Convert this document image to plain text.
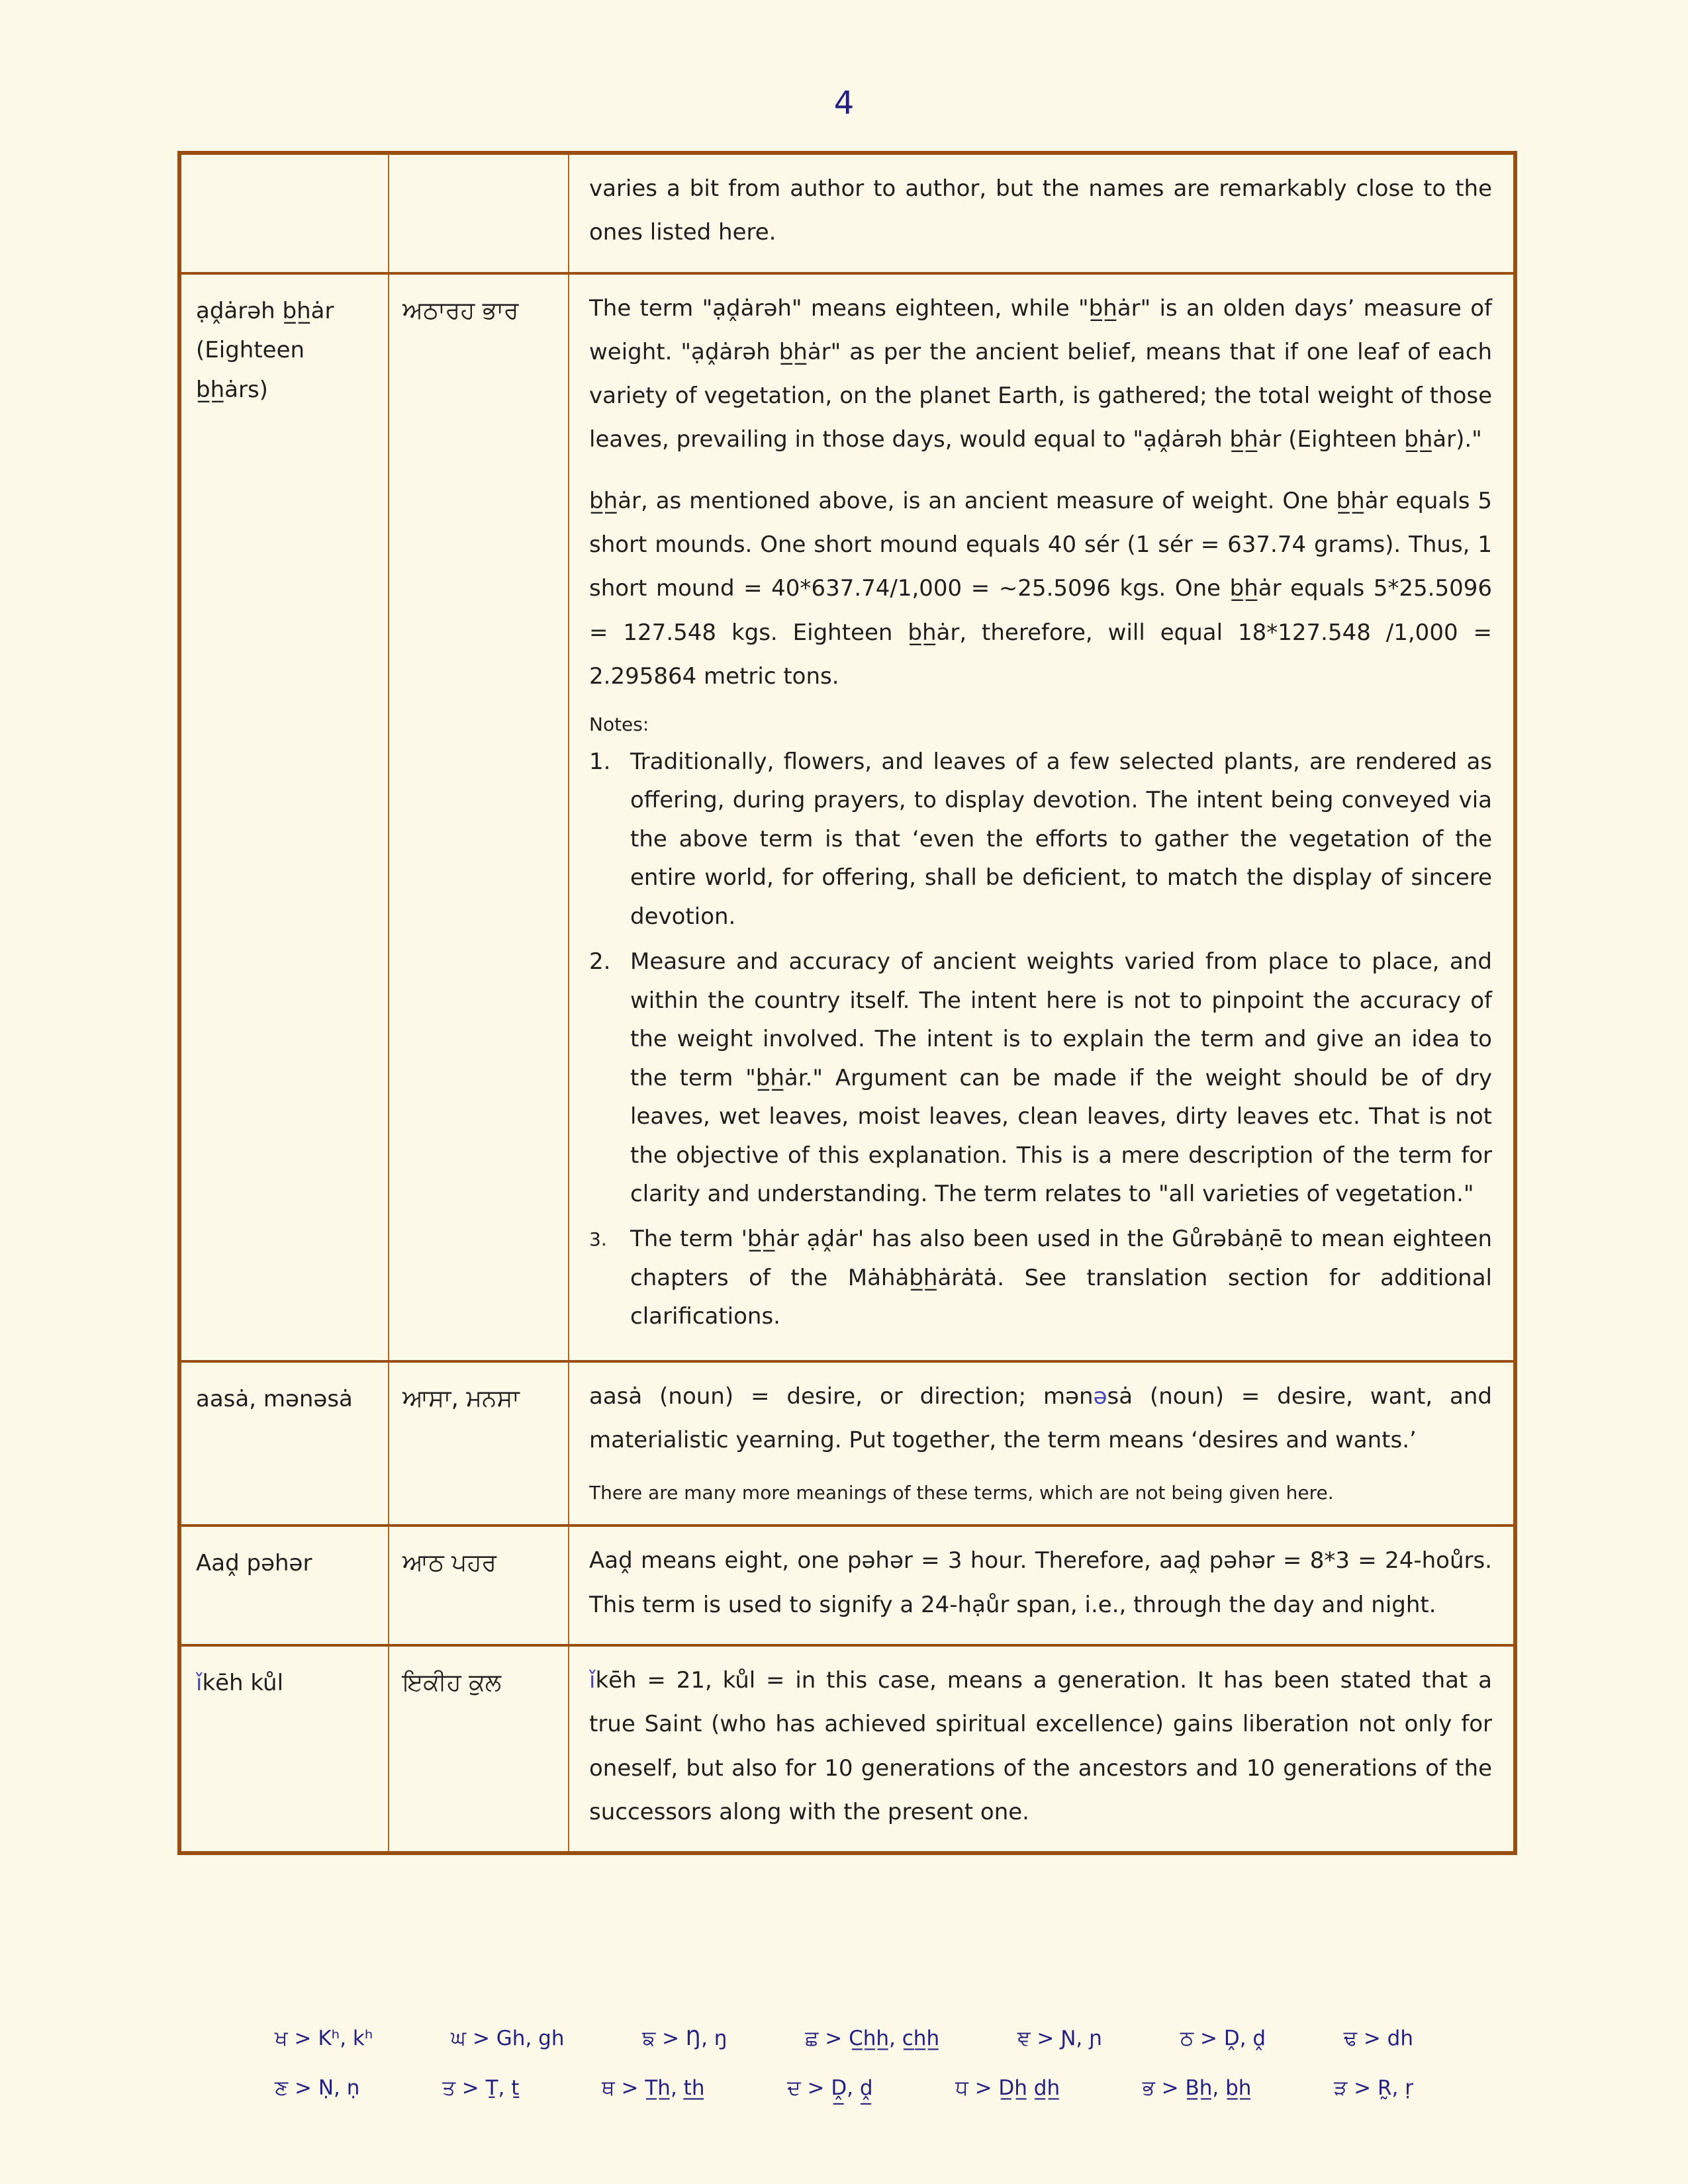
4

		varies a bit from author to author, but the names are remarkably close to the ones listed here.

ạḓȧrəh b̲h̲ȧr (Eighteen b̲h̲ȧrs)	ਅਠਾਰਹ ਭਾਰ	The term "ạḓȧrəh" means eighteen, while "b̲h̲ȧr" is an olden days’ measure of weight. "ạḓȧrəh b̲h̲ȧr" as per the ancient belief, means that if one leaf of each variety of vegetation, on the planet Earth, is gathered; the total weight of those leaves, prevailing in those days, would equal to "ạḓȧrəh b̲h̲ȧr (Eighteen b̲h̲ȧr)."

b̲h̲ȧr, as mentioned above, is an ancient measure of weight. One b̲h̲ȧr equals 5 short mounds. One short mound equals 40 sér (1 sér = 637.74 grams). Thus, 1 short mound = 40*637.74/1,000 = ~25.5096 kgs. One b̲h̲ȧr equals 5*25.5096 = 127.548 kgs. Eighteen b̲h̲ȧr, therefore, will equal 18*127.548 /1,000 = 2.295864 metric tons.

Notes:
1. Traditionally, flowers, and leaves of a few selected plants, are rendered as offering, during prayers, to display devotion. The intent being conveyed via the above term is that ‘even the efforts to gather the vegetation of the entire world, for offering, shall be deficient, to match the display of sincere devotion.
2. Measure and accuracy of ancient weights varied from place to place, and within the country itself. The intent here is not to pinpoint the accuracy of the weight involved. The intent is to explain the term and give an idea to the term "b̲h̲ȧr." Argument can be made if the weight should be of dry leaves, wet leaves, moist leaves, clean leaves, dirty leaves etc. That is not the objective of this explanation. This is a mere description of the term for clarity and understanding. The term relates to "all varieties of vegetation."
3.	The term 'b̲h̲ȧr ạḓȧr' has also been used in the Gůrəbȧṇē to mean eighteen chapters of the Mȧhȧb̲h̲ȧrȧtȧ. See translation section for additional clarifications.

aasȧ, mənəsȧ	ਆਸਾ, ਮਨਸਾ	aasȧ (noun) = desire, or direction; mənəsȧ (noun) = desire, want, and materialistic yearning. Put together, the term means ‘desires and wants.’

There are many more meanings of these terms, which are not being given here.

Aaḓ pəhər	ਆਠ ਪਹਰ	Aaḓ means eight, one pəhər = 3 hour. Therefore, aaḓ pəhər = 8*3 = 24-hoůrs. This term is used to signify a 24-hạůr span, i.e., through the day and night.

ǐkēh kůl	ਇਕੀਹ ਕੁਲ	ǐkēh = 21, kůl = in this case, means a generation. It has been stated that a true Saint (who has achieved spiritual excellence) gains liberation not only for oneself, but also for 10 generations of the ancestors and 10 generations of the successors along with the present one.

ਖ > Kʰ, kʰ	ਘ > Gh, gh	ਙ > Ŋ, ŋ	ਛ > C̲h̲h̲, c̲h̲h̲	ਞ > Ɲ, ɲ	ਠ > Ḓ, ḓ	ਢ > dh
ਣ > Ṇ, ṇ	ਤ > Ṯ, ṯ	ਥ > T̲h̲, t̲h̲	ਦ > Ḓ̲, ḓ̲	ਧ > D̲h̲ d̲h̲	ਭ > B̲h̲, b̲h̲	ੜ > R̰, ṛ
